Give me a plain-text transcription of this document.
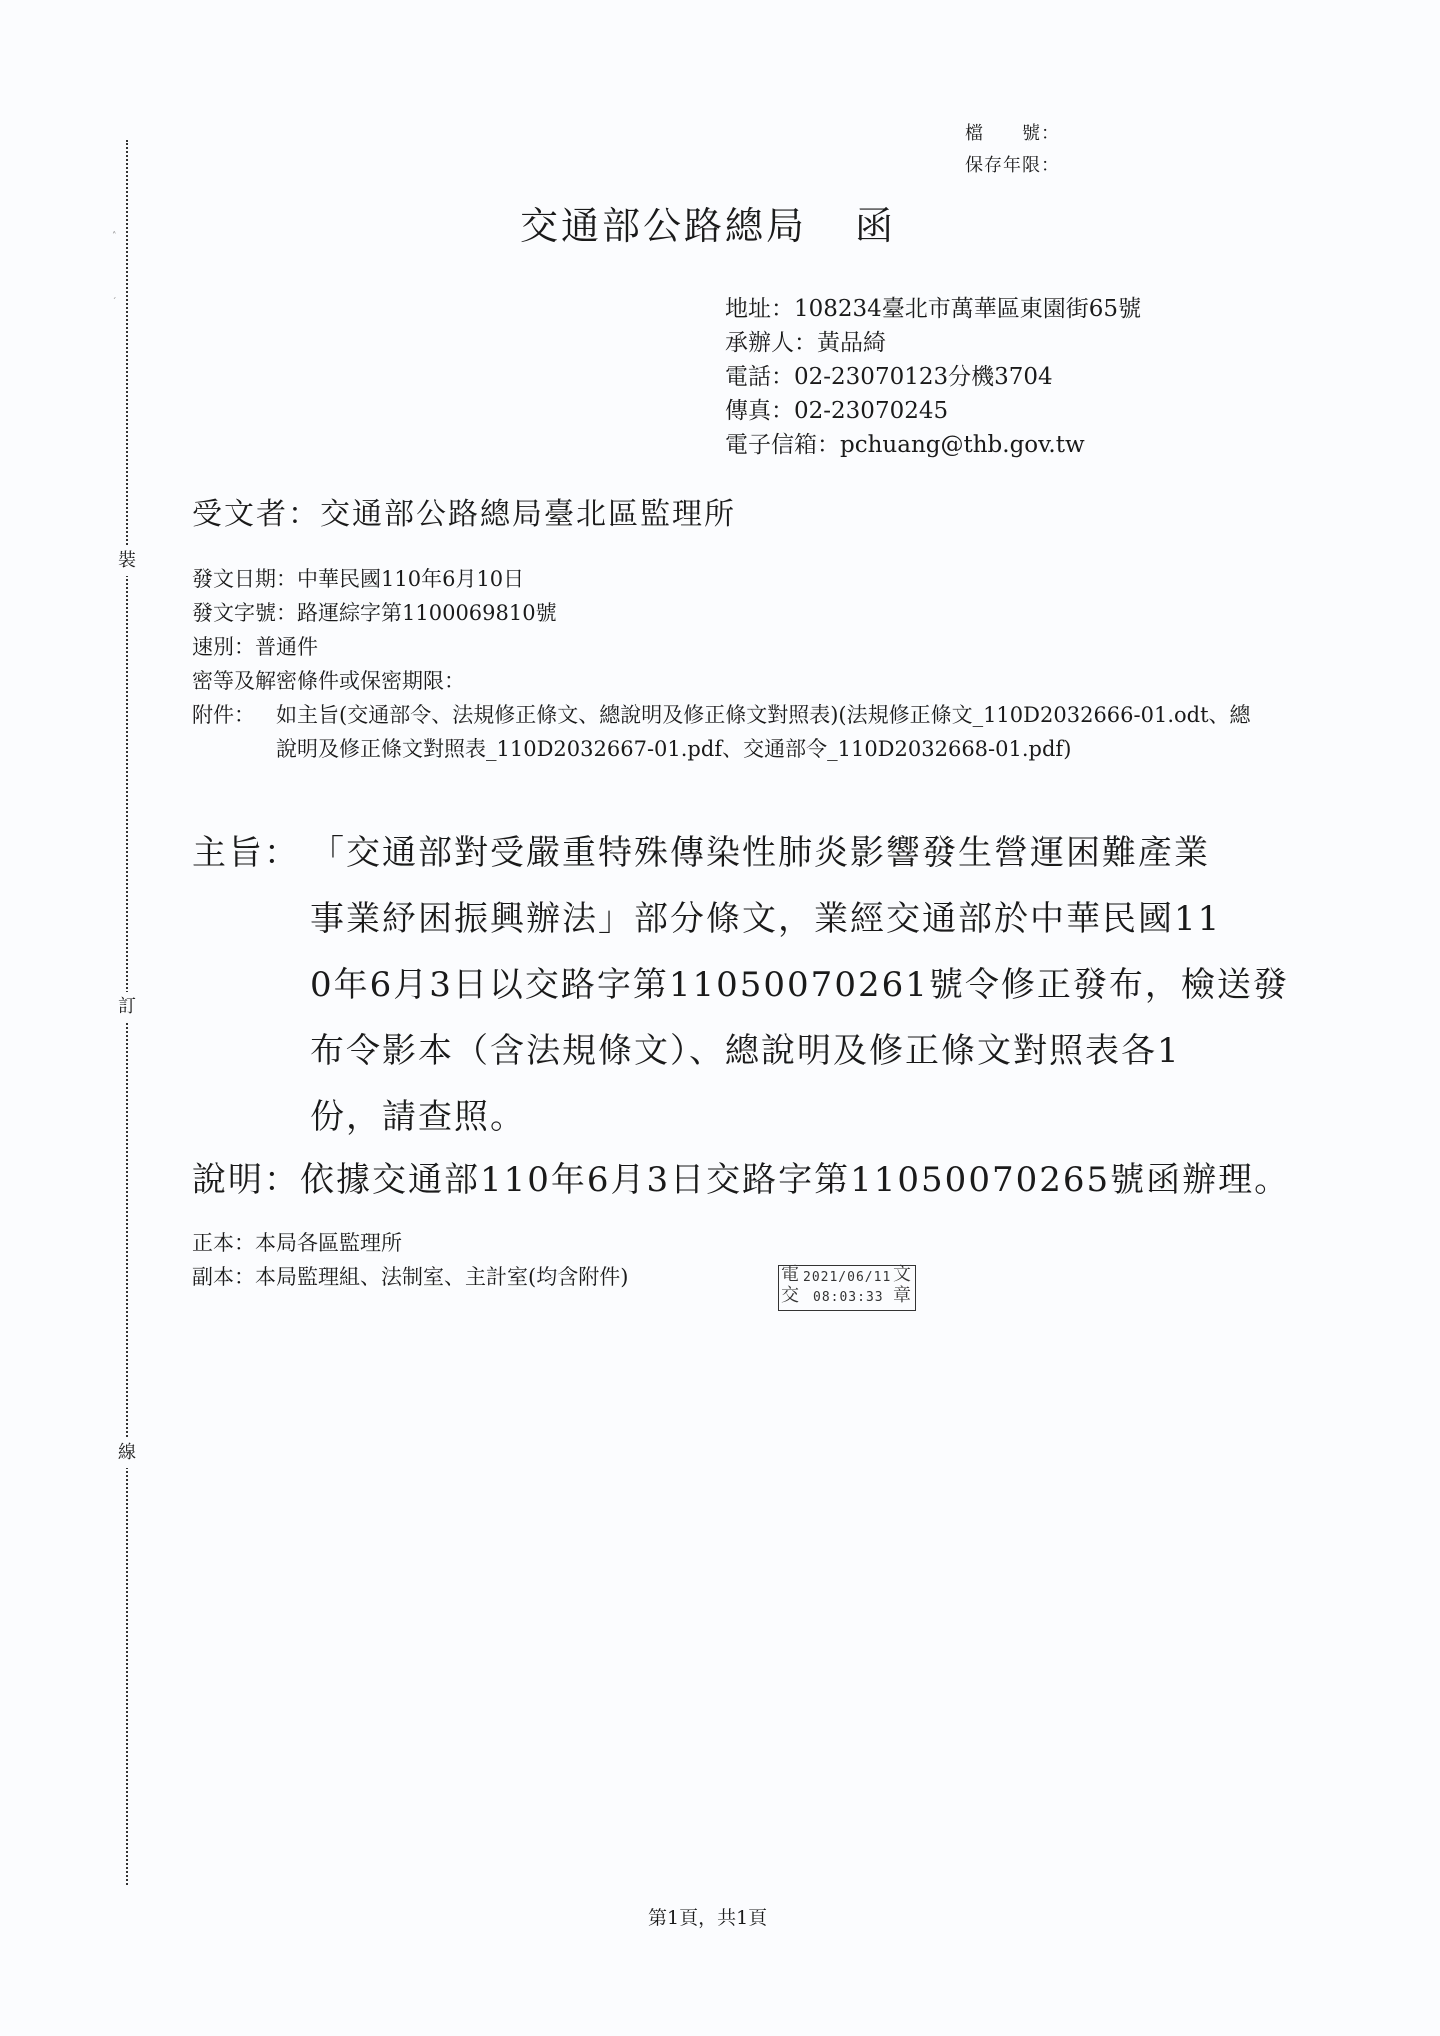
裝
訂
線
˄
ˊ
檔　　號：
保存年限：
交通部公路總局 函
地址：108234臺北市萬華區東園街65號
承辦人：黃品綺
電話：02-23070123分機3704
傳真：02-23070245
電子信箱：pchuang@thb.gov.tw
受文者：交通部公路總局臺北區監理所
發文日期：中華民國110年6月10日
發文字號：路運綜字第1100069810號
速別：普通件
密等及解密條件或保密期限：
附件： 如主旨(交通部令、法規修正條文、總說明及修正條文對照表)(法規修正條文_110D2032666-01.odt、總說明及修正條文對照表_110D2032667-01.pdf、交通部令_110D2032668-01.pdf)
主旨： 「交通部對受嚴重特殊傳染性肺炎影響發生營運困難產業
事業紓困振興辦法」部分條文，業經交通部於中華民國11
0年6月3日以交路字第11050070261號令修正發布，檢送發
布令影本（含法規條文）、總說明及修正條文對照表各1
份，請查照。
說明：依據交通部110年6月3日交路字第11050070265號函辦理。
正本：本局各區監理所
副本：本局監理組、法制室、主計室(均含附件)	電
交
2021/06/11
08:03:33
文
章
第1頁，共1頁
